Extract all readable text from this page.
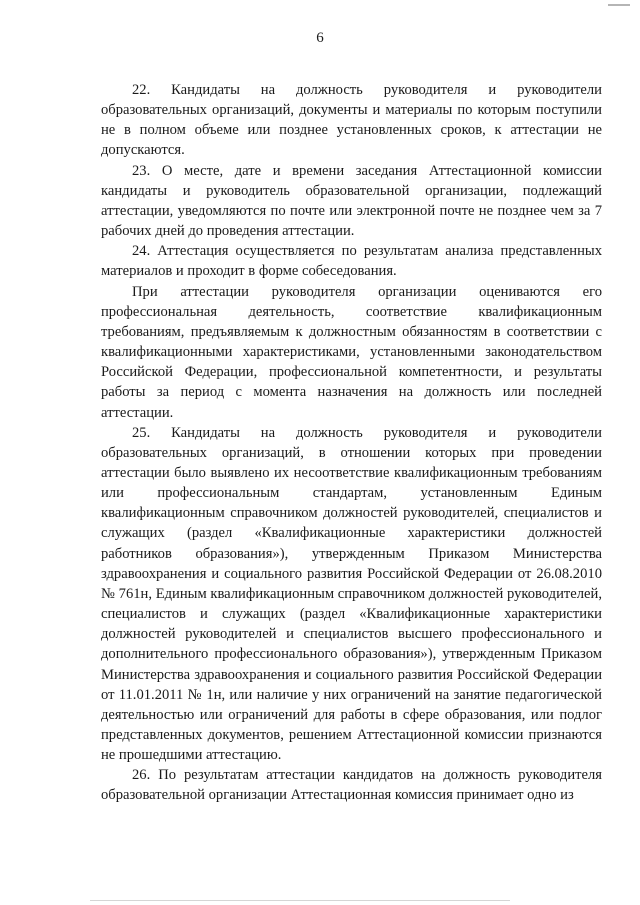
6

22. Кандидаты на должность руководителя и руководители образовательных организаций, документы и материалы по которым поступили не в полном объеме или позднее установленных сроков, к аттестации не допускаются.

23. О месте, дате и времени заседания Аттестационной комиссии кандидаты и руководитель образовательной организации, подлежащий аттестации, уведомляются по почте или электронной почте не позднее чем за 7 рабочих дней до проведения аттестации.

24. Аттестация осуществляется по результатам анализа представленных материалов и проходит в форме собеседования.

При аттестации руководителя организации оцениваются его профессиональная деятельность, соответствие квалификационным требованиям, предъявляемым к должностным обязанностям в соответствии с квалификационными характеристиками, установленными законодательством Российской Федерации, профессиональной компетентности, и результаты работы за период с момента назначения на должность или последней аттестации.

25. Кандидаты на должность руководителя и руководители образовательных организаций, в отношении которых при проведении аттестации было выявлено их несоответствие квалификационным требованиям или профессиональным стандартам, установленным Единым квалификационным справочником должностей руководителей, специалистов и служащих (раздел «Квалификационные характеристики должностей работников образования»), утвержденным Приказом Министерства здравоохранения и социального развития Российской Федерации от 26.08.2010 № 761н, Единым квалификационным справочником должностей руководителей, специалистов и служащих (раздел «Квалификационные характеристики должностей руководителей и специалистов высшего профессионального и дополнительного профессионального образования»), утвержденным Приказом Министерства здравоохранения и социального развития Российской Федерации от 11.01.2011 № 1н, или наличие у них ограничений на занятие педагогической деятельностью или ограничений для работы в сфере образования, или подлог представленных документов, решением Аттестационной комиссии признаются не прошедшими аттестацию.

26. По результатам аттестации кандидатов на должность руководителя образовательной организации Аттестационная комиссия принимает одно из
